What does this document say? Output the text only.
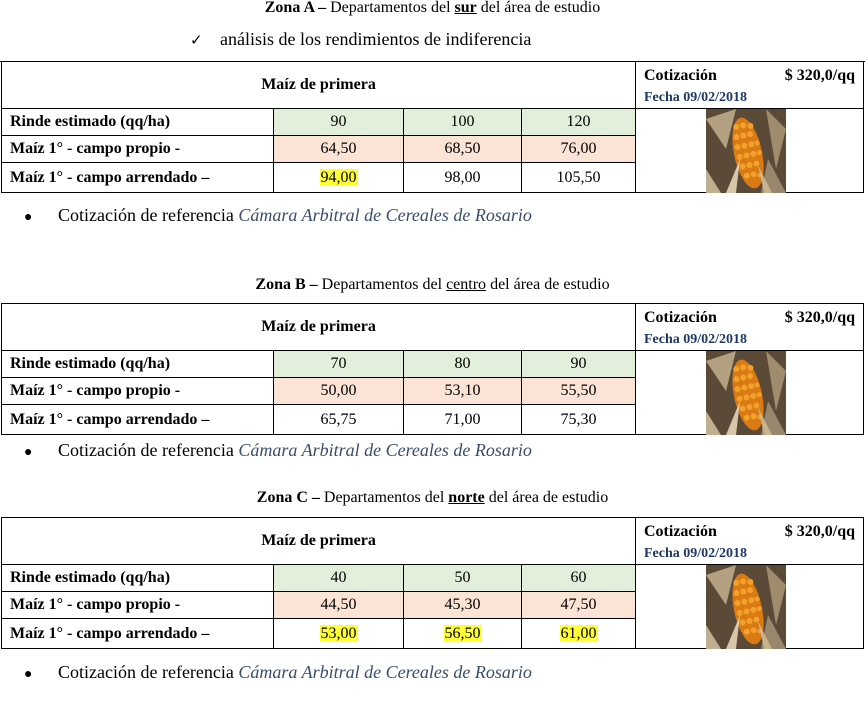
Zona A – Departamentos del sur del área de estudio
✓ análisis de los rendimientos de indiferencia
Maíz de primera				Cotización $ 320,0/qq
Fecha 09/02/2018

Rinde estimado (qq/ha)	90	100	120	

Maíz 1° - campo propio -	64,50	68,50	76,00	
Maíz 1° - campo arrendado –	94,00	98,00	105,50	
● Cotización de referencia Cámara Arbitral de Cereales de Rosario
Zona B – Departamentos del centro del área de estudio
Maíz de primera				Cotización $ 320,0/qq
Fecha 09/02/2018

Rinde estimado (qq/ha)	70	80	90	

Maíz 1° - campo propio -	50,00	53,10	55,50	
Maíz 1° - campo arrendado –	65,75	71,00	75,30	
● Cotización de referencia Cámara Arbitral de Cereales de Rosario
Zona C – Departamentos del norte del área de estudio
Maíz de primera				Cotización $ 320,0/qq
Fecha 09/02/2018

Rinde estimado (qq/ha)	40	50	60	

Maíz 1° - campo propio -	44,50	45,30	47,50	
Maíz 1° - campo arrendado –	53,00	56,50	61,00	
● Cotización de referencia Cámara Arbitral de Cereales de Rosario
